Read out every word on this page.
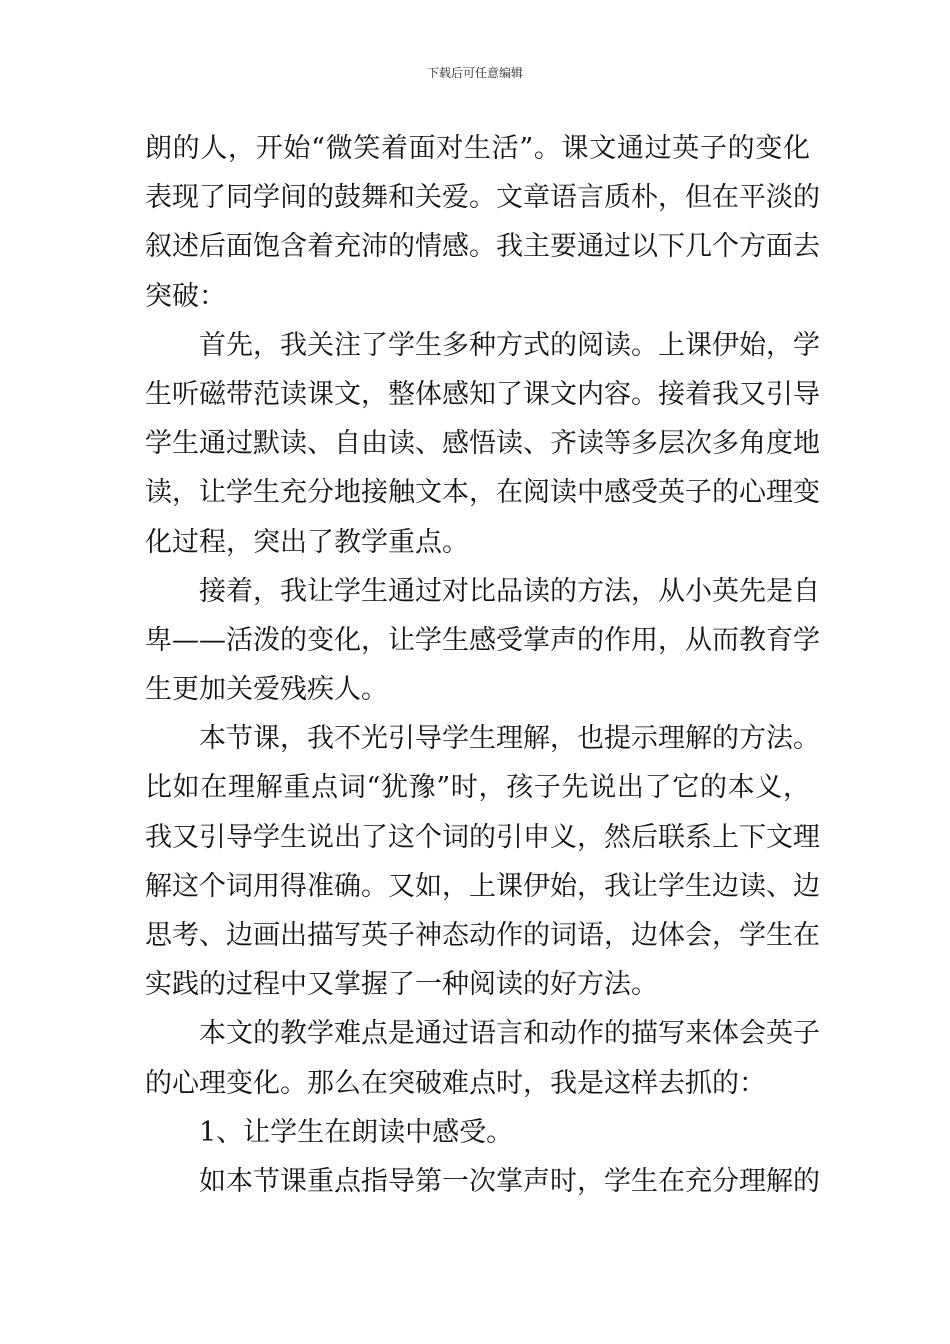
下载后可任意编辑
朗的人，开始“微笑着面对生活”。课文通过英子的变化
表现了同学间的鼓舞和关爱。文章语言质朴，但在平淡的
叙述后面饱含着充沛的情感。我主要通过以下几个方面去
突破：
首先，我关注了学生多种方式的阅读。上课伊始，学
生听磁带范读课文，整体感知了课文内容。接着我又引导
学生通过默读、自由读、感悟读、齐读等多层次多角度地
读，让学生充分地接触文本，在阅读中感受英子的心理变
化过程，突出了教学重点。
接着，我让学生通过对比品读的方法，从小英先是自
卑——活泼的变化，让学生感受掌声的作用，从而教育学
生更加关爱残疾人。
本节课，我不光引导学生理解，也提示理解的方法。
比如在理解重点词“犹豫”时，孩子先说出了它的本义，
我又引导学生说出了这个词的引申义，然后联系上下文理
解这个词用得准确。又如，上课伊始，我让学生边读、边
思考、边画出描写英子神态动作的词语，边体会，学生在
实践的过程中又掌握了一种阅读的好方法。
本文的教学难点是通过语言和动作的描写来体会英子
的心理变化。那么在突破难点时，我是这样去抓的：
1、让学生在朗读中感受。
如本节课重点指导第一次掌声时，学生在充分理解的
